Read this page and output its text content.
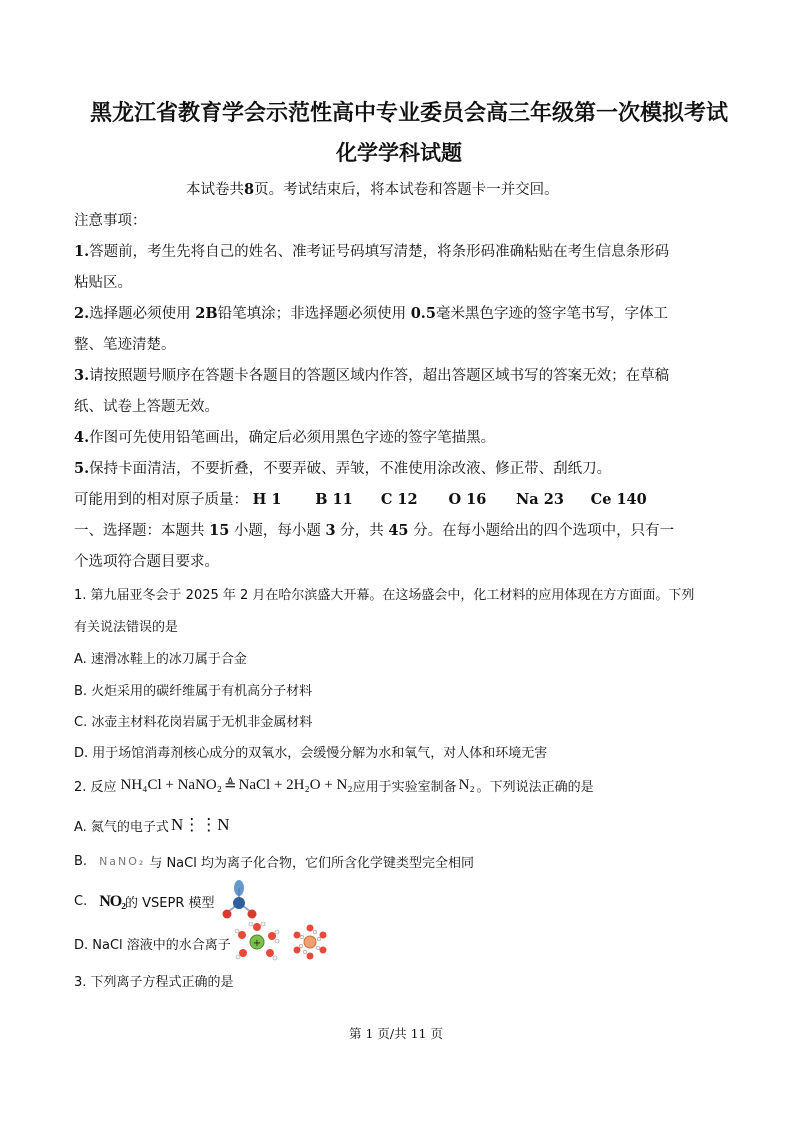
黑龙江省教育学会示范性高中专业委员会高三年级第一次模拟考试
化学学科试题
本试卷共8页。考试结束后，将本试卷和答题卡一并交回。
注意事项：
1.答题前，考生先将自己的姓名、准考证号码填写清楚，将条形码准确粘贴在考生信息条形码
粘贴区。
2.选择题必须使用 2B铅笔填涂；非选择题必须使用 0.5毫米黑色字迹的签字笔书写，字体工
整、笔迹清楚。
3.请按照题号顺序在答题卡各题目的答题区域内作答，超出答题区域书写的答案无效；在草稿
纸、试卷上答题无效。
4.作图可先使用铅笔画出，确定后必须用黑色字迹的签字笔描黑。
5.保持卡面清洁，不要折叠，不要弄破、弄皱，不准使用涂改液、修正带、刮纸刀。
可能用到的相对原子质量： H 1 B 11 C 12 O 16 Na 23 Ce 140
一、选择题：本题共 15 小题，每小题 3 分，共 45 分。在每小题给出的四个选项中，只有一
个选项符合题目要求。
1. 第九届亚冬会于 2025 年 2 月在哈尔滨盛大开幕。在这场盛会中，化工材料的应用体现在方方面面。下列
有关说法错误的是
A. 速滑冰鞋上的冰刀属于合金
B. 火炬采用的碳纤维属于有机高分子材料
C. 冰壶主材料花岗岩属于无机非金属材料
D. 用于场馆消毒剂核心成分的双氧水，会缓慢分解为水和氧气，对人体和环境无害
2. 反应 NH₄Cl + NaNO₂ ≜ NaCl + 2H₂O + N₂ 应用于实验室制备 N₂ 。下列说法正确的是
A. 氮气的电子式 N⋮⋮N
B. NaNO₂ 与 NaCl 均为离子化合物，它们所含化学键类型完全相同
C. NO₂ 的 VSEPR 模型
D. NaCl 溶液中的水合离子 +
3. 下列离子方程式正确的是
第 1 页/共 11 页
